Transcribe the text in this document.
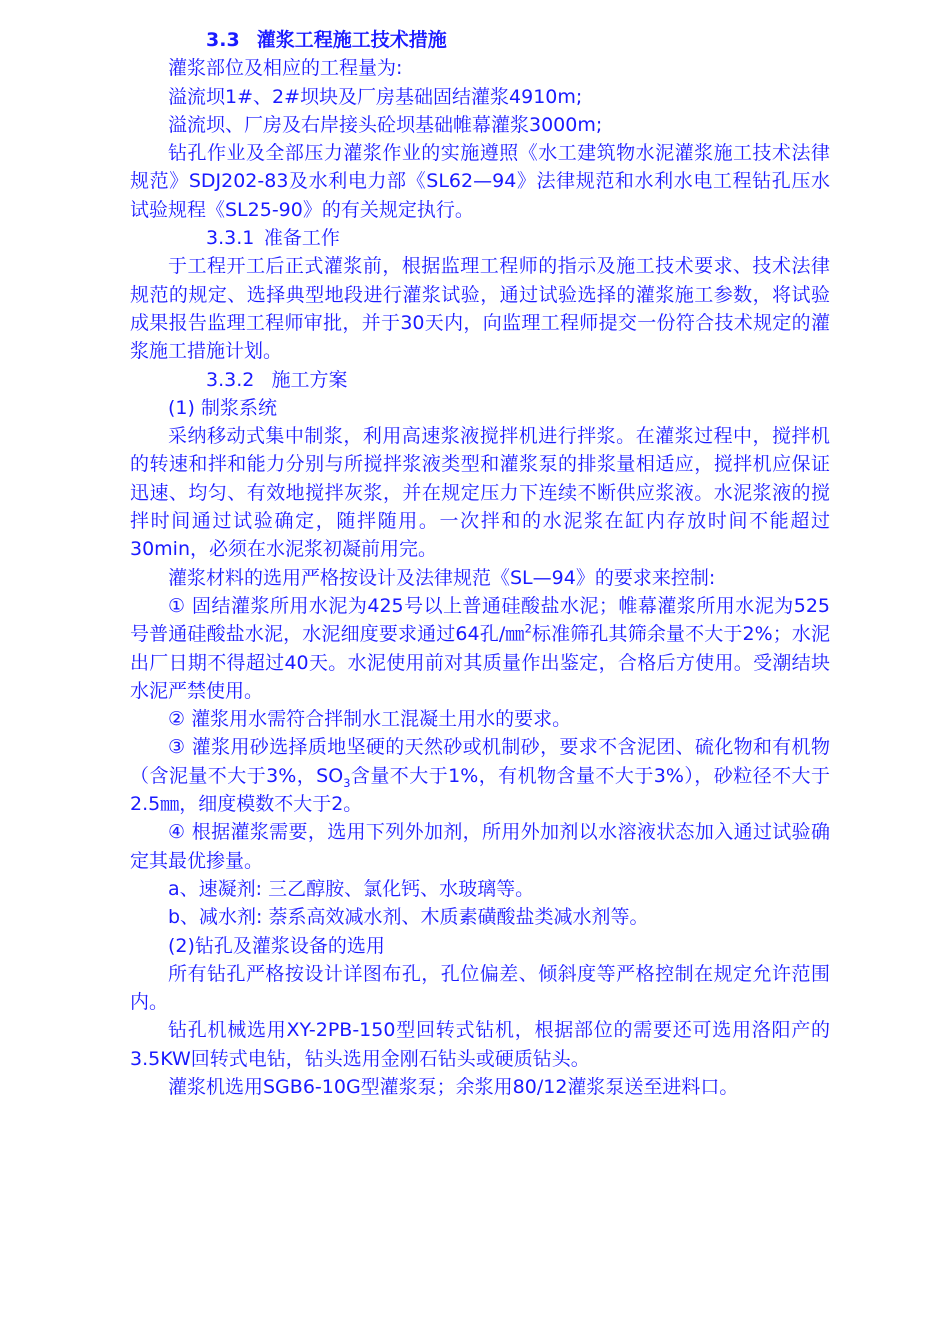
3.3 灌浆工程施工技术措施

灌浆部位及相应的工程量为:

溢流坝1#、2#坝块及厂房基础固结灌浆4910m;

溢流坝、厂房及右岸接头砼坝基础帷幕灌浆3000m;

钻孔作业及全部压力灌浆作业的实施遵照《水工建筑物水泥灌浆施工技术法律规范》SDJ202-83及水利电力部《SL62—94》法律规范和水利水电工程钻孔压水试验规程《SL25-90》的有关规定执行。

3.3.1 准备工作

于工程开工后正式灌浆前，根据监理工程师的指示及施工技术要求、技术法律规范的规定、选择典型地段进行灌浆试验，通过试验选择的灌浆施工参数，将试验成果报告监理工程师审批，并于30天内，向监理工程师提交一份符合技术规定的灌浆施工措施计划。

3.3.2 施工方案

(1) 制浆系统

采纳移动式集中制浆，利用高速浆液搅拌机进行拌浆。在灌浆过程中，搅拌机的转速和拌和能力分别与所搅拌浆液类型和灌浆泵的排浆量相适应，搅拌机应保证迅速、均匀、有效地搅拌灰浆，并在规定压力下连续不断供应浆液。水泥浆液的搅拌时间通过试验确定，随拌随用。一次拌和的水泥浆在缸内存放时间不能超过30min，必须在水泥浆初凝前用完。

灌浆材料的选用严格按设计及法律规范《SL—94》的要求来控制:

① 固结灌浆所用水泥为425号以上普通硅酸盐水泥；帷幕灌浆所用水泥为525号普通硅酸盐水泥，水泥细度要求通过64孔/㎜$^2$标准筛孔其筛余量不大于2%；水泥出厂日期不得超过40天。水泥使用前对其质量作出鉴定，合格后方使用。受潮结块水泥严禁使用。

② 灌浆用水需符合拌制水工混凝土用水的要求。

③ 灌浆用砂选择质地坚硬的天然砂或机制砂，要求不含泥团、硫化物和有机物（含泥量不大于3%，$SO_3$含量不大于1%，有机物含量不大于3%），砂粒径不大于2.5㎜，细度模数不大于2。

④ 根据灌浆需要，选用下列外加剂，所用外加剂以水溶液状态加入通过试验确定其最优掺量。

a、速凝剂: 三乙醇胺、氯化钙、水玻璃等。

b、减水剂: 萘系高效减水剂、木质素磺酸盐类减水剂等。

(2)钻孔及灌浆设备的选用

所有钻孔严格按设计详图布孔，孔位偏差、倾斜度等严格控制在规定允许范围内。

钻孔机械选用XY-2PB-150型回转式钻机，根据部位的需要还可选用洛阳产的3.5KW回转式电钻，钻头选用金刚石钻头或硬质钻头。

灌浆机选用SGB6-10G型灌浆泵；余浆用80/12灌浆泵送至进料口。
